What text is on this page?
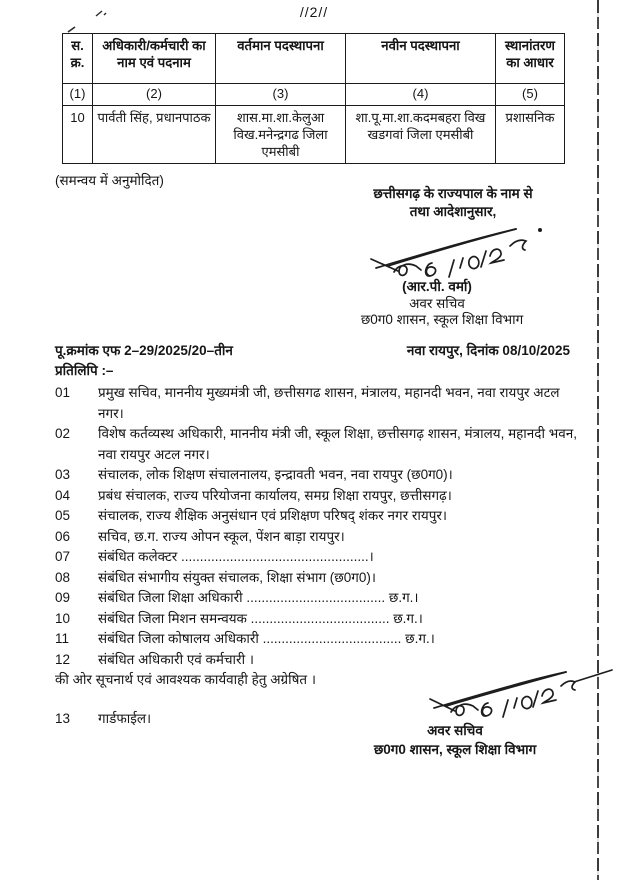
//2//
स. क्र.	अधिकारी/कर्मचारी का नाम एवं पदनाम	वर्तमान पदस्थापना	नवीन पदस्थापना	स्थानांतरण का आधार
(1)	(2)	(3)	(4)	(5)
10	पार्वती सिंह, प्रधानपाठक	शास.मा.शा.केलुआ विख.मनेन्द्रगढ जिला एमसीबी	शा.पू.मा.शा.कदमबहरा विख खडगवां जिला एमसीबी	प्रशासनिक
(समन्वय में अनुमोदित)
छत्तीसगढ़ के राज्यपाल के नाम से
तथा आदेशानुसार,
(आर.पी. वर्मा)
अवर सचिव
छ0ग0 शासन, स्कूल शिक्षा विभाग
पू.क्रमांक एफ 2–29/2025/20–तीन	नवा रायपुर, दिनांक 08/10/2025
प्रतिलिपि :–
01	प्रमुख सचिव, माननीय मुख्यमंत्री जी, छत्तीसगढ शासन, मंत्रालय, महानदी भवन, नवा रायपुर अटल नगर।
02	विशेष कर्तव्यस्थ अधिकारी, माननीय मंत्री जी, स्कूल शिक्षा, छत्तीसगढ़ शासन, मंत्रालय, महानदी भवन, नवा रायपुर अटल नगर।
03	संचालक, लोक शिक्षण संचालनालय, इन्द्रावती भवन, नवा रायपुर (छ0ग0)।
04	प्रबंध संचालक, राज्य परियोजना कार्यालय, समग्र शिक्षा रायपुर, छत्तीसगढ़।
05	संचालक, राज्य शैक्षिक अनुसंधान एवं प्रशिक्षण परिषद् शंकर नगर रायपुर।
06	सचिव, छ.ग. राज्य ओपन स्कूल, पेंशन बाड़ा रायपुर।
07	संबंधित कलेक्टर ..................................................।
08	संबंधित संभागीय संयुक्त संचालक, शिक्षा संभाग (छ0ग0)।
09	संबंधित जिला शिक्षा अधिकारी ..................................... छ.ग.।
10	संबंधित जिला मिशन समन्वयक ..................................... छ.ग.।
11	संबंधित जिला कोषालय अधिकारी ..................................... छ.ग.।
12	संबंधित अधिकारी एवं कर्मचारी ।
की ओर सूचनार्थ एवं आवश्यक कार्यवाही हेतु अग्रेषित ।
13	गार्डफाईल।
अवर सचिव
छ0ग0 शासन, स्कूल शिक्षा विभाग
